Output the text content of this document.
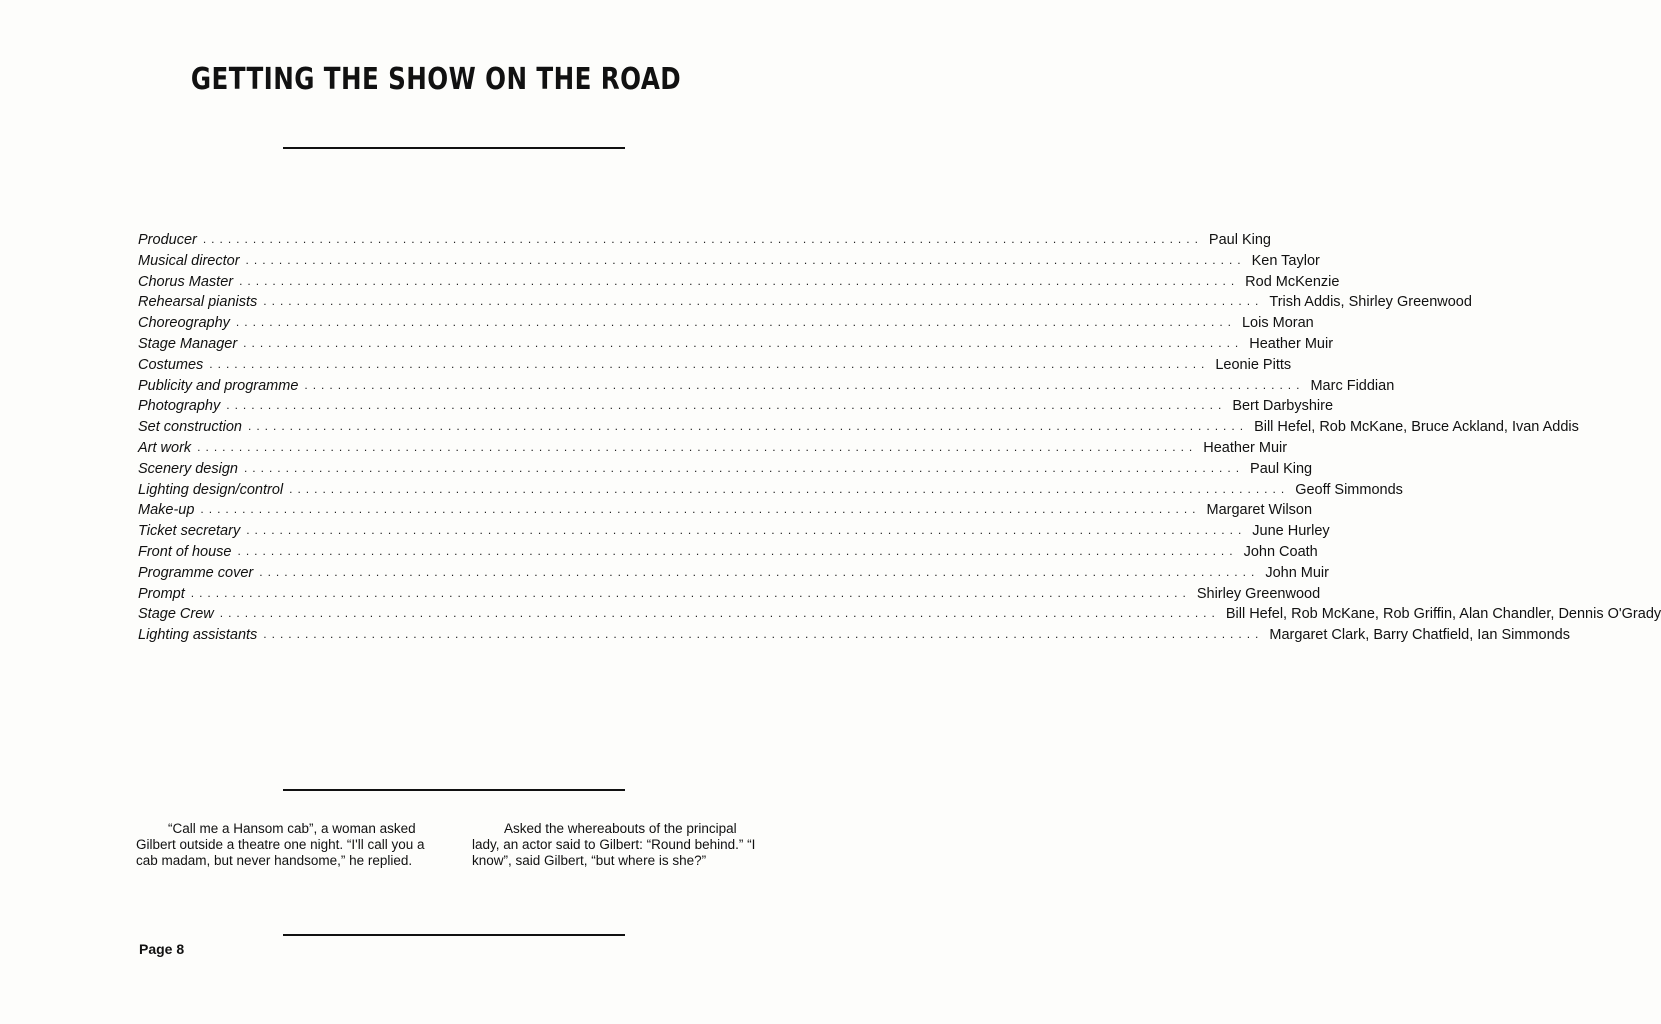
GETTING THE SHOW ON THE ROAD
Producer ........................................................................................................................ Paul King
Musical director ........................................................................................................................ Ken Taylor
Chorus Master ........................................................................................................................ Rod McKenzie
Rehearsal pianists ........................................................................................................................ Trish Addis, Shirley Greenwood
Choreography ........................................................................................................................ Lois Moran
Stage Manager ........................................................................................................................ Heather Muir
Costumes ........................................................................................................................ Leonie Pitts
Publicity and programme ........................................................................................................................ Marc Fiddian
Photography ........................................................................................................................ Bert Darbyshire
Set construction ........................................................................................................................ Bill Hefel, Rob McKane, Bruce Ackland, Ivan Addis
Art work ........................................................................................................................ Heather Muir
Scenery design ........................................................................................................................ Paul King
Lighting design/control ........................................................................................................................ Geoff Simmonds
Make-up ........................................................................................................................ Margaret Wilson
Ticket secretary ........................................................................................................................ June Hurley
Front of house ........................................................................................................................ John Coath
Programme cover ........................................................................................................................ John Muir
Prompt ........................................................................................................................ Shirley Greenwood
Stage Crew ........................................................................................................................ Bill Hefel, Rob McKane, Rob Griffin, Alan Chandler, Dennis O'Grady
Lighting assistants ........................................................................................................................ Margaret Clark, Barry Chatfield, Ian Simmonds

“Call me a Hansom cab”, a woman asked Gilbert outside a theatre one night. “I'll call you a cab madam, but never handsome,” he replied.

Asked the whereabouts of the principal lady, an actor said to Gilbert: “Round behind.” “I know”, said Gilbert, “but where is she?”

Page 8
